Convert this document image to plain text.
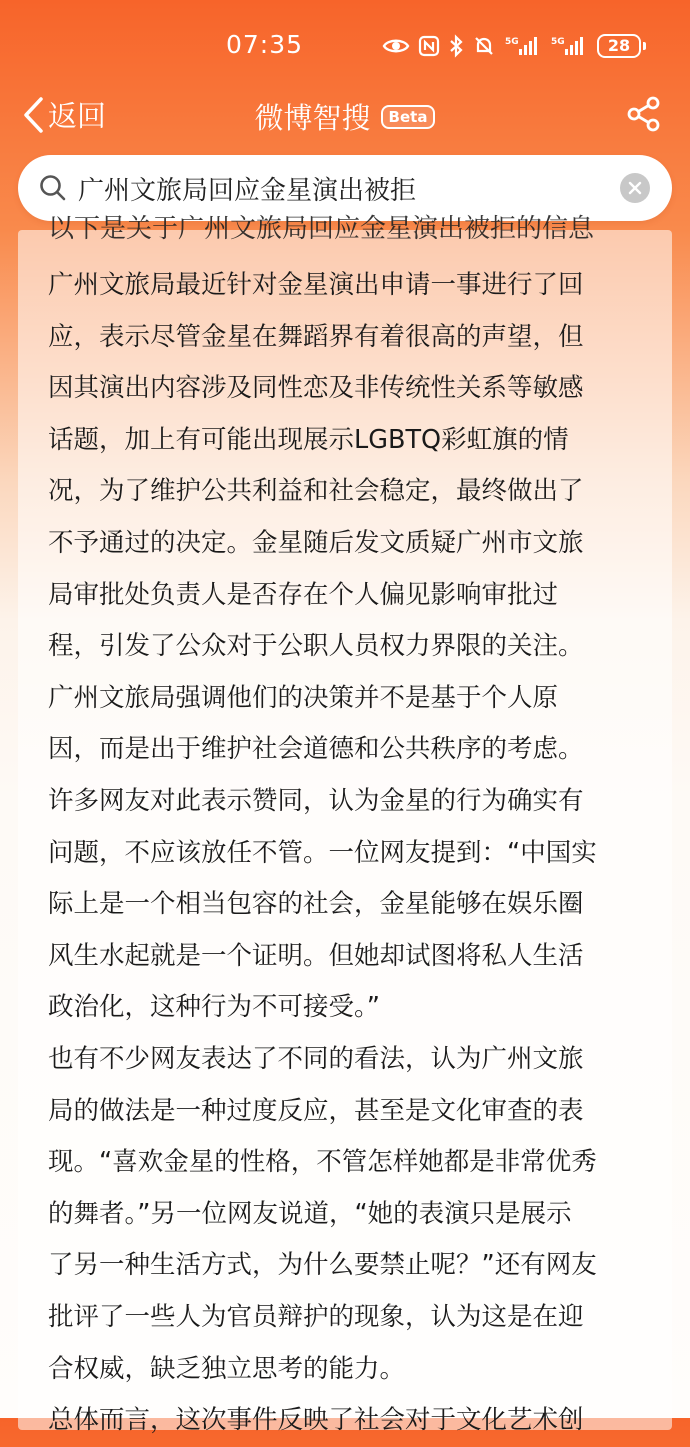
07:35	5G	5G	28
返回	微博智搜	Beta
广州文旅局回应金星演出被拒
以下是关于广州文旅局回应金星演出被拒的信息
广州文旅局最近针对金星演出申请一事进行了回
应，表示尽管金星在舞蹈界有着很高的声望，但
因其演出内容涉及同性恋及非传统性关系等敏感
话题，加上有可能出现展示LGBTQ彩虹旗的情
况，为了维护公共利益和社会稳定，最终做出了
不予通过的决定。金星随后发文质疑广州市文旅
局审批处负责人是否存在个人偏见影响审批过
程，引发了公众对于公职人员权力界限的关注。
广州文旅局强调他们的决策并不是基于个人原
因，而是出于维护社会道德和公共秩序的考虑。
许多网友对此表示赞同，认为金星的行为确实有
问题，不应该放任不管。一位网友提到：“中国实
际上是一个相当包容的社会，金星能够在娱乐圈
风生水起就是一个证明。但她却试图将私人生活
政治化，这种行为不可接受。”
也有不少网友表达了不同的看法，认为广州文旅
局的做法是一种过度反应，甚至是文化审查的表
现。“喜欢金星的性格，不管怎样她都是非常优秀
的舞者。”另一位网友说道，“她的表演只是展示
了另一种生活方式，为什么要禁止呢？”还有网友
批评了一些人为官员辩护的现象，认为这是在迎
合权威，缺乏独立思考的能力。
总体而言，这次事件反映了社会对于文化艺术创
